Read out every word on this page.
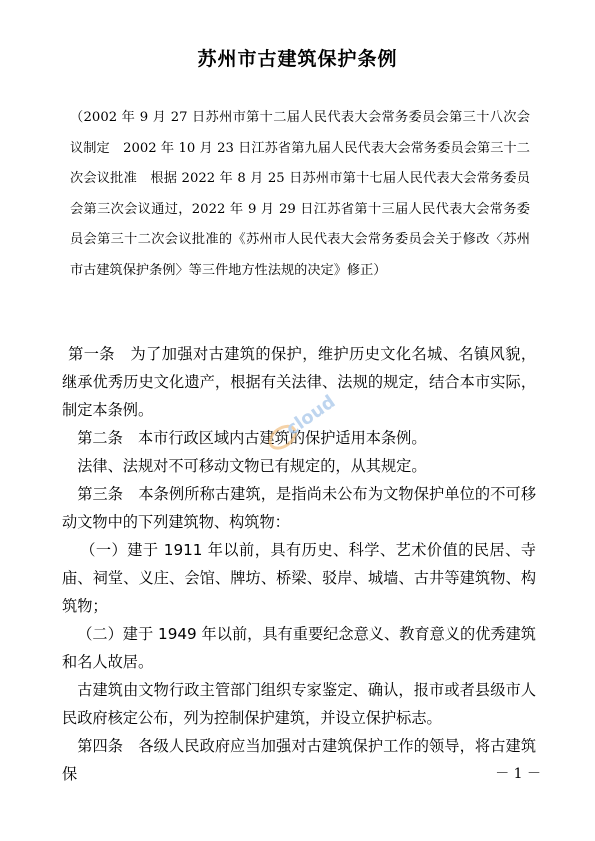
苏州市古建筑保护条例
（2002 年 9 月 27 日苏州市第十二届人民代表大会常务委员会第三十八次会议制定　2002 年 10 月 23 日江苏省第九届人民代表大会常务委员会第三十二次会议批准　根据 2022 年 8 月 25 日苏州市第十七届人民代表大会常务委员会第三次会议通过，2022 年 9 月 29 日江苏省第十三届人民代表大会常务委员会第三十二次会议批准的《苏州市人民代表大会常务委员会关于修改〈苏州市古建筑保护条例〉等三件地方性法规的决定》修正）

第一条　为了加强对古建筑的保护，维护历史文化名城、名镇风貌，继承优秀历史文化遗产，根据有关法律、法规的规定，结合本市实际，制定本条例。

第二条　本市行政区域内古建筑的保护适用本条例。

法律、法规对不可移动文物已有规定的，从其规定。

第三条　本条例所称古建筑，是指尚未公布为文物保护单位的不可移动文物中的下列建筑物、构筑物：

（一）建于 1911 年以前，具有历史、科学、艺术价值的民居、寺庙、祠堂、义庄、会馆、牌坊、桥梁、驳岸、城墙、古井等建筑物、构筑物；

（二）建于 1949 年以前，具有重要纪念意义、教育意义的优秀建筑和名人故居。

古建筑由文物行政主管部门组织专家鉴定、确认，报市或者县级市人民政府核定公布，列为控制保护建筑，并设立保护标志。

第四条　各级人民政府应当加强对古建筑保护工作的领导，将古建筑保	－ 1 －
cloud
